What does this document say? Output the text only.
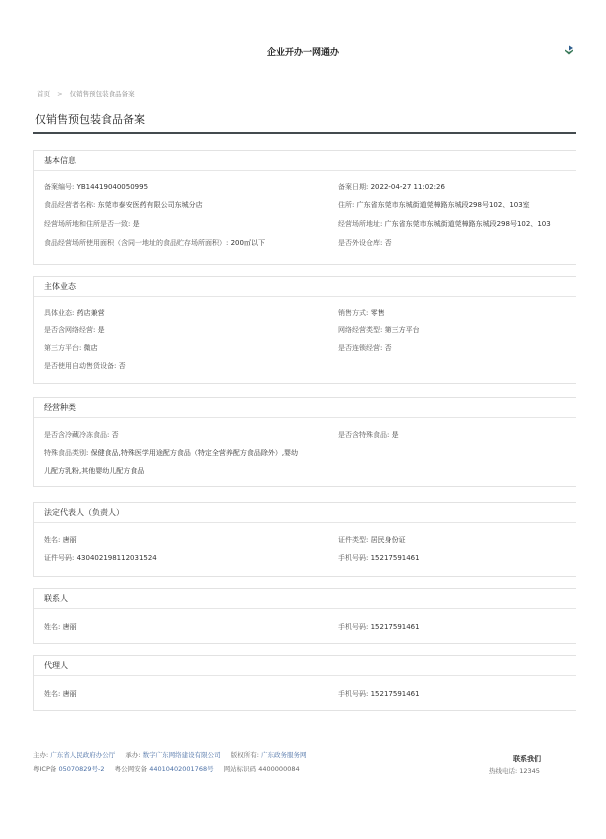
企业开办一网通办
首页 > 仅销售预包装食品备案
仅销售预包装食品备案
基本信息
备案编号: YB14419040050995	备案日期: 2022-04-27 11:02:26
食品经营者名称: 东莞市泰安医药有限公司东城分店	住所: 广东省东莞市东城街道莞樟路东城段298号102、103室
经营场所地和住所是否一致: 是	经营场所地址: 广东省东莞市东城街道莞樟路东城段298号102、103
食品经营场所使用面积（含同一地址的食品贮存场所面积）: 200㎡以下	是否外设仓库: 否
主体业态
具体业态: 药店兼营	销售方式: 零售
是否含网络经营: 是	网络经营类型: 第三方平台
第三方平台: 微店	是否连锁经营: 否
是否使用自动售货设备: 否
经营种类
是否含冷藏冷冻食品: 否	是否含特殊食品: 是
特殊食品类别: 保健食品,特殊医学用途配方食品（特定全营养配方食品除外）,婴幼
儿配方乳粉,其他婴幼儿配方食品
法定代表人（负责人）
姓名: 唐丽	证件类型: 居民身份证
证件号码: 430402198112031524	手机号码: 15217591461
联系人
姓名: 唐丽	手机号码: 15217591461
代理人
姓名: 唐丽	手机号码: 15217591461
主办: 广东省人民政府办公厅 承办: 数字广东网络建设有限公司 版权所有: 广东政务服务网
粤ICP备 05070829号-2 粤公网安备 44010402001768号 网站标识码 4400000084
联系我们
热线电话: 12345
